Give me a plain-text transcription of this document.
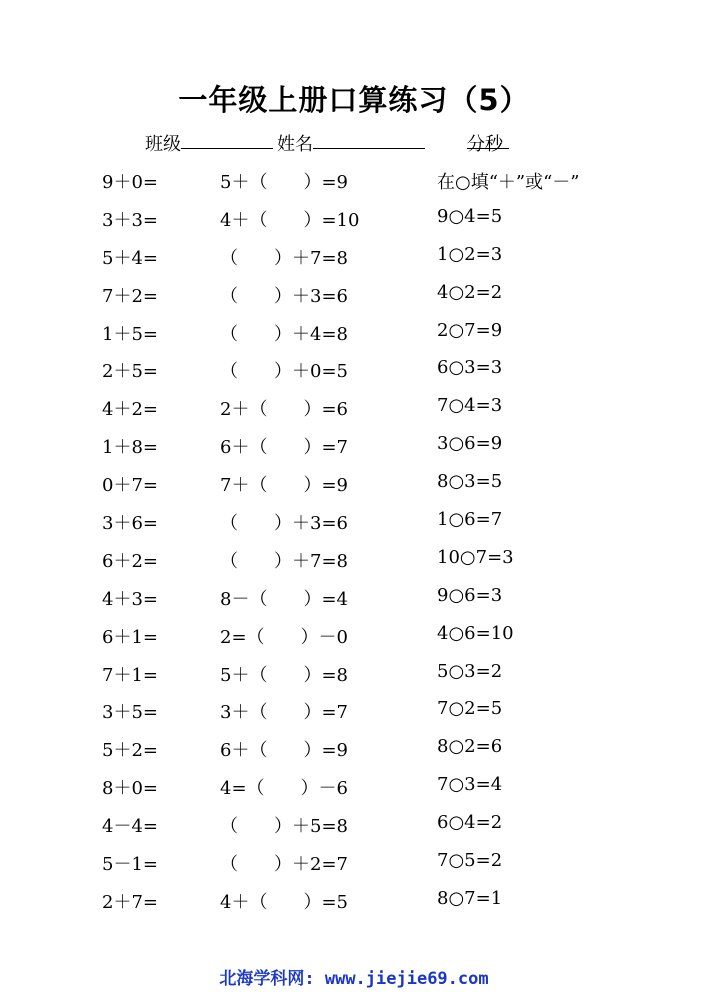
一年级上册口算练习（5）
班级	姓名	分
秒
在○填“＋”或“－”
9＋0=	5＋（　　）=9
3＋3=	4＋（　　）=10	9○4=5
5＋4=	（　　）＋7=8	1○2=3
7＋2=	（　　）＋3=6	4○2=2
1＋5=	（　　）＋4=8	2○7=9
2＋5=	（　　）＋0=5	6○3=3
4＋2=	2＋（　　）=6	7○4=3
1＋8=	6＋（　　）=7	3○6=9
0＋7=	7＋（　　）=9	8○3=5
3＋6=	（　　）＋3=6	1○6=7
6＋2=	（　　）＋7=8	10○7=3
4＋3=	8－（　　）=4	9○6=3
6＋1=	2=（　　）－0	4○6=10
7＋1=	5＋（　　）=8	5○3=2
3＋5=	3＋（　　）=7	7○2=5
5＋2=	6＋（　　）=9	8○2=6
8＋0=	4=（　　）－6	7○3=4
4－4=	（　　）＋5=8	6○4=2
5－1=	（　　）＋2=7	7○5=2
2＋7=	4＋（　　）=5	8○7=1
北海学科网: www.jiejie69.com
